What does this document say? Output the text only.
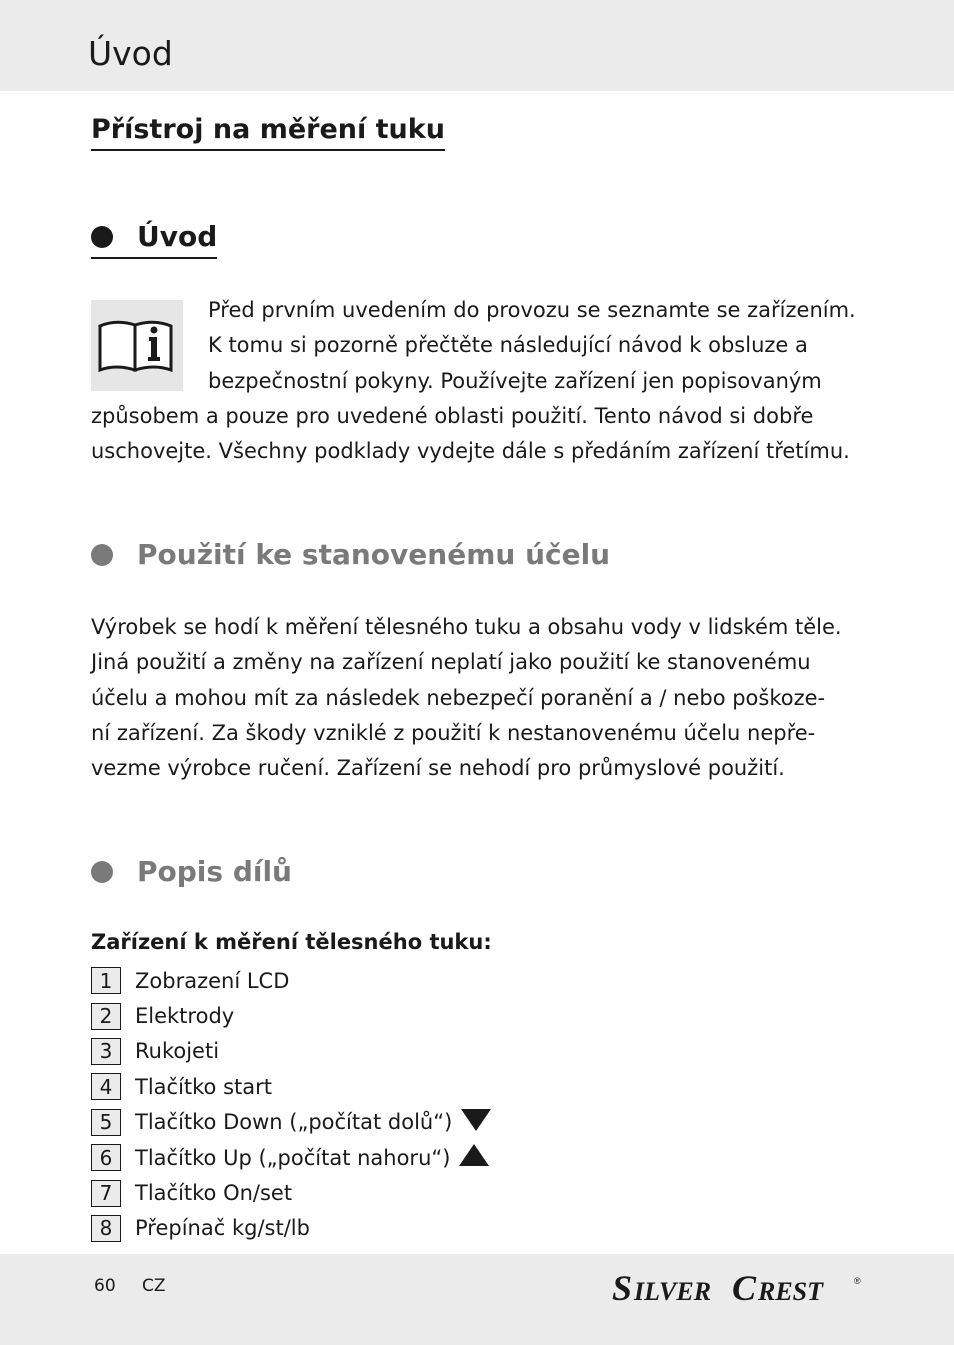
Úvod
Přístroj na měření tuku
Úvod
Před prvním uvedením do provozu se seznamte se zařízením.
K tomu si pozorně přečtěte následující návod k obsluze a
bezpečnostní pokyny. Používejte zařízení jen popisovaným
způsobem a pouze pro uvedené oblasti použití. Tento návod si dobře
uschovejte. Všechny podklady vydejte dále s předáním zařízení třetímu.
Použití ke stanovenému účelu
Výrobek se hodí k měření tělesného tuku a obsahu vody v lidském těle.
Jiná použití a změny na zařízení neplatí jako použití ke stanovenému
účelu a mohou mít za následek nebezpečí poranění a / nebo poškoze-
ní zařízení. Za škody vzniklé z použití k nestanovenému účelu nepře-
vezme výrobce ručení. Zařízení se nehodí pro průmyslové použití.
Popis dílů
Zařízení k měření tělesného tuku:
1	Zobrazení LCD
2	Elektrody
3	Rukojeti
4	Tlačítko start
5	Tlačítko Down („počítat dolů“)
6	Tlačítko Up („počítat nahoru“)
7	Tlačítko On/set
8	Přepínač kg/st/lb
60 CZ	S ILVER C REST	®
